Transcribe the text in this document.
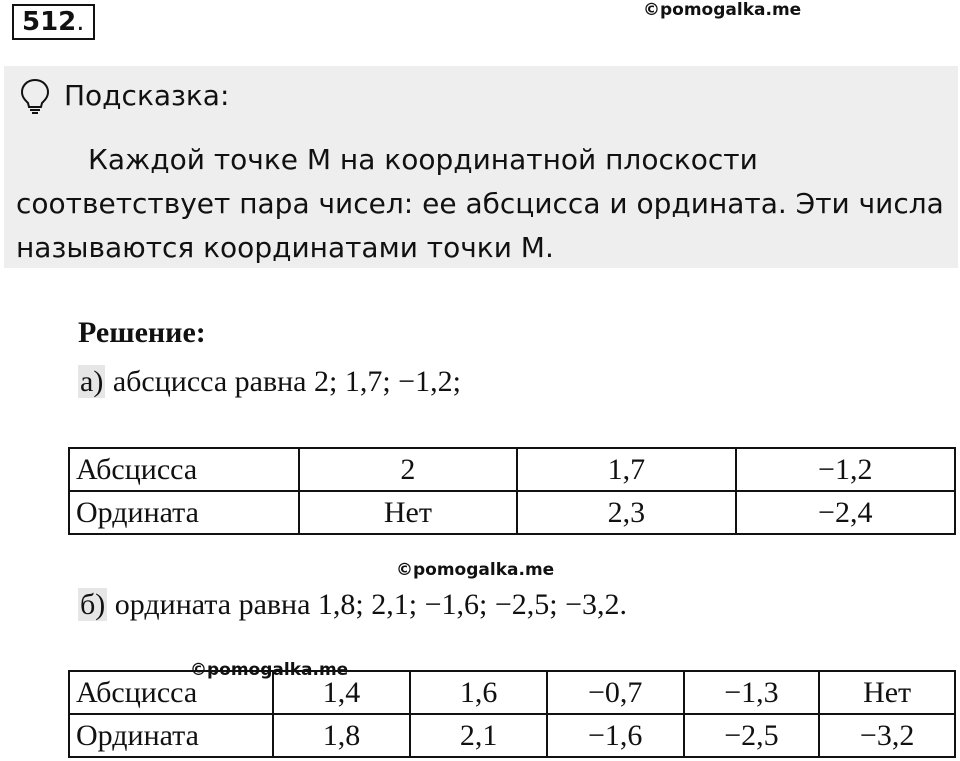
512.	©pomogalka.me
Подсказка:
Каждой точке М на координатной плоскости
соответствует пара чисел: ее абсцисса и ордината. Эти числа называются координатами точки М.
Решение:
а) абсцисса равна 2; 1,7; −1,2;
Абсцисса	2	1,7	−1,2
Ордината	Нет	2,3	−2,4
©pomogalka.me
б) ордината равна 1,8; 2,1; −1,6; −2,5; −3,2.
Абсцисса	1,4	1,6	−0,7	−1,3	Нет
Ордината	1,8	2,1	−1,6	−2,5	−3,2
©pomogalka.me
